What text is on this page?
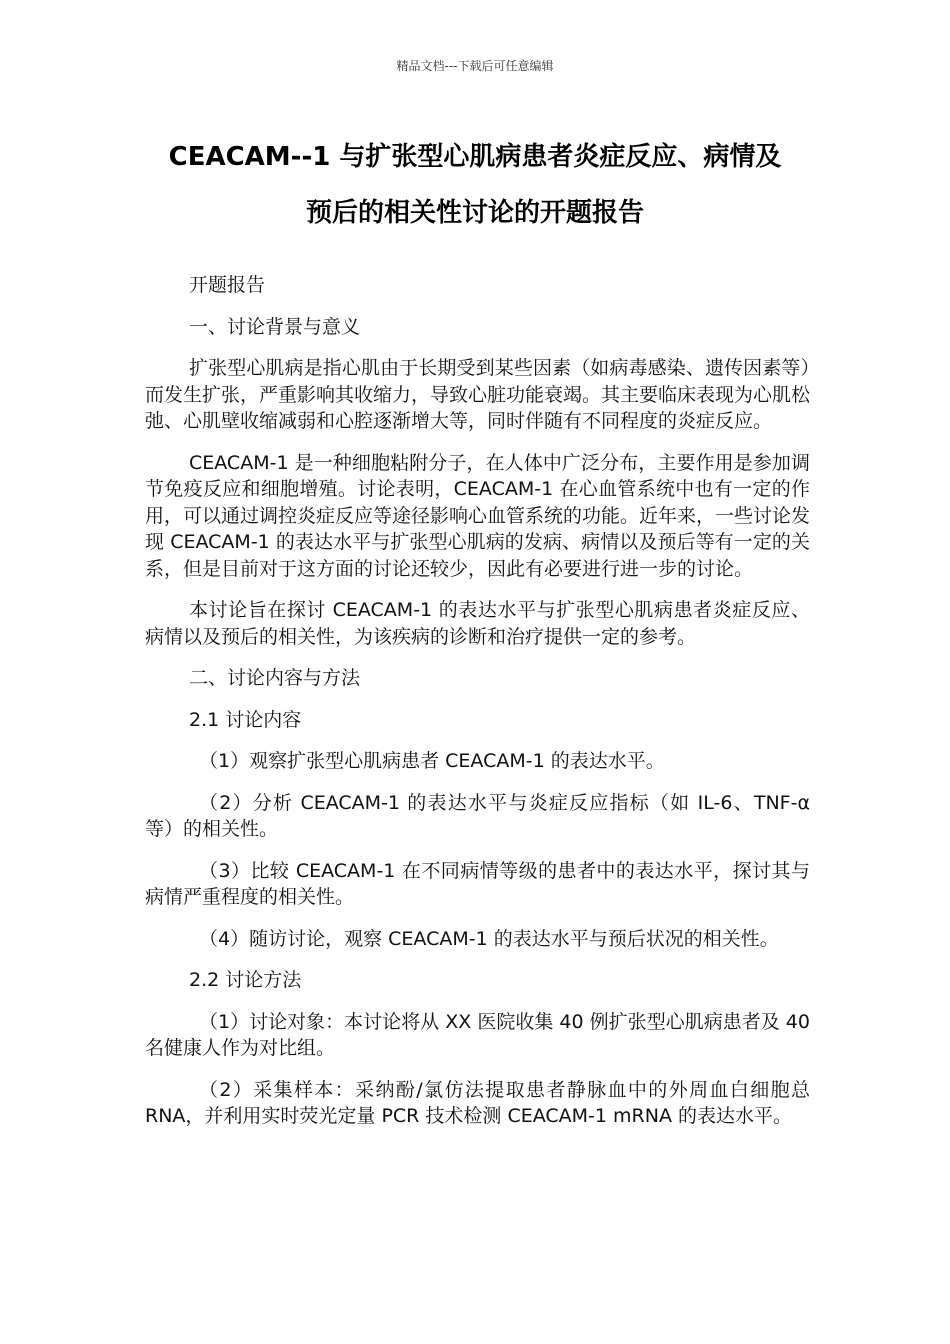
精品文档---下载后可任意编辑
CEACAM--1 与扩张型心肌病患者炎症反应、病情及
预后的相关性讨论的开题报告

开题报告

一、讨论背景与意义

扩张型心肌病是指心肌由于长期受到某些因素（如病毒感染、遗传因素等）而发生扩张，严重影响其收缩力，导致心脏功能衰竭。其主要临床表现为心肌松弛、心肌壁收缩减弱和心腔逐渐增大等，同时伴随有不同程度的炎症反应。

CEACAM-1 是一种细胞粘附分子，在人体中广泛分布，主要作用是参加调节免疫反应和细胞增殖。讨论表明，CEACAM-1 在心血管系统中也有一定的作用，可以通过调控炎症反应等途径影响心血管系统的功能。近年来，一些讨论发现 CEACAM-1 的表达水平与扩张型心肌病的发病、病情以及预后等有一定的关系，但是目前对于这方面的讨论还较少，因此有必要进行进一步的讨论。

本讨论旨在探讨 CEACAM-1 的表达水平与扩张型心肌病患者炎症反应、病情以及预后的相关性，为该疾病的诊断和治疗提供一定的参考。

二、讨论内容与方法

2.1 讨论内容

（1）观察扩张型心肌病患者 CEACAM-1 的表达水平。

（2）分析 CEACAM-1 的表达水平与炎症反应指标（如 IL-6、TNF-α 等）的相关性。

（3）比较 CEACAM-1 在不同病情等级的患者中的表达水平，探讨其与病情严重程度的相关性。

（4）随访讨论，观察 CEACAM-1 的表达水平与预后状况的相关性。

2.2 讨论方法

（1）讨论对象：本讨论将从 XX 医院收集 40 例扩张型心肌病患者及 40 名健康人作为对比组。

（2）采集样本：采纳酚/氯仿法提取患者静脉血中的外周血白细胞总 RNA，并利用实时荧光定量 PCR 技术检测 CEACAM-1 mRNA 的表达水平。
